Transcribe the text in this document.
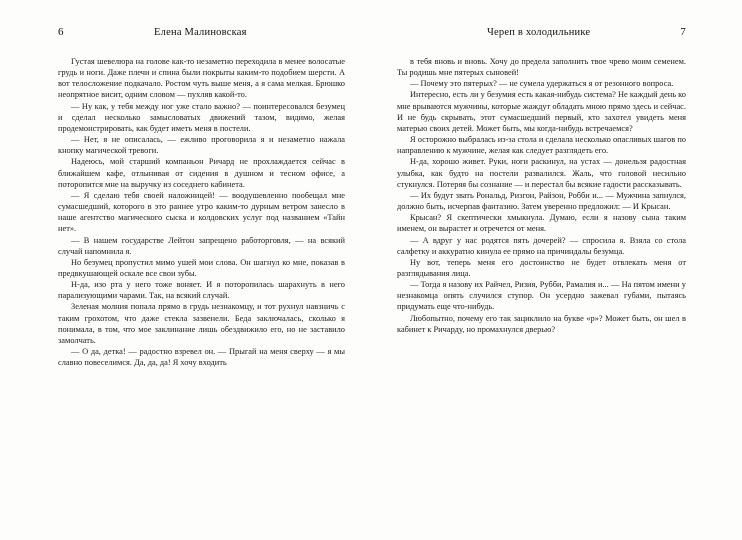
6	Елена Малиновская

Густая шевелюра на голове как-то незаметно переходила в менее волосатые грудь и ноги. Даже плечи и спина были покрыты каким-то подобием шерсти. А вот телосложение подкачало. Ростом чуть выше меня, а я сама мелкая. Брюшко неопрятное висит, одним словом — пухляв какой-то.

— Ну как, у тебя между ног уже стало важно? — поинтересовался безумец и сделал несколько замысловатых движений тазом, видимо, желая продемонстрировать, как будет иметь меня в постели.

— Нет, я не описалась, — ежливо проговорила я и незаметно нажала кнопку магической тревоги.

Надеюсь, мой старший компаньон Ричард не прохлаждается сейчас в ближайшем кафе, отлынивая от сидения в душном и тесном офисе, а поторопится мне на выручку из соседнего кабинета.

— Я сделаю тебя своей наложницей! — воодушевленно пообещал мне сумасшедший, которого в это раннее утро каким-то дурным ветром занесло в наше агентство магического сыска и колдовских услуг под названием «Тайн нет».

— В нашем государстве Лейтон запрещено работорговля, — на всякий случай напомнила я.

Но безумец пропустил мимо ушей мои слова. Он шагнул ко мне, показав в предвкушающей оскале все свои зубы.

Н-да, изо рта у него тоже воняет. И я поторопилась шарахнуть в него парализующими чарами. Так, на всякий случай.

Зеленая молния попала прямо в грудь незнакомцу, и тот рухнул навзничь с таким грохотом, что даже стекла зазвенели. Беда заключалась, сколько я понимала, в том, что мое заклинание лишь обездвижило его, но не заставило замолчать.

— О да, детка! — радостно взревел он. — Прыгай на меня сверху — я мы славно повеселимся. Да, да, да! Я хочу входить

Череп в холодильнике	7

в тебя вновь и вновь. Хочу до предела заполнить твое чрево моим семенем. Ты родишь мне пятерых сыновей!

— Почему это пятерых? — не сумела удержаться я от резонного вопроса.

Интересно, есть ли у безумия есть какая-нибудь система? Не каждый день ко мне врываются мужчины, которые жаждут обладать мною прямо здесь и сейчас. И не будь скрывать, этот сумасшедший первый, кто захотел увидеть меня матерью своих детей. Может быть, мы когда-нибудь встречаемся?

Я осторожно выбралась из-за стола и сделала несколько опасливых шагов по направлению к мужчине, желая как следует разглядеть его.

Н-да, хорошо живет. Руки, ноги раскинул, на устах — донельзя радостная улыбка, как будто на постели развалился. Жаль, что головой несильно стукнулся. Потеряя бы сознание — и перестал бы всякие гадости рассказывать.

— Их будут звать Рональд, Ризгон, Райзон, Робби и... — Мужчина запнулся, должно быть, исчерпав фантазию. Затем уверенно предложил: — И Крысан.

Крысан? Я скептически хмыкнула. Думаю, если я назову сына таким именем, он вырастет и отречется от меня.

— А вдруг у нас родятся пять дочерей? — спросила я. Взяла со стола салфетку и аккуратно кинула ее прямо на причиндалы безумца.

Ну вот, теперь меня его достоинство не будет отвлекать меня от разглядывания лица.

— Тогда я назову их Райчел, Ризия, Рубби, Рамалия и... — На пятом имени у незнакомца опять случился ступор. Он усердно зажевал губами, пытаясь придумать еще что-нибудь.

Любопытно, почему его так зациклило на букве «р»? Может быть, он шел в кабинет к Ричарду, но промахнулся дверью?
